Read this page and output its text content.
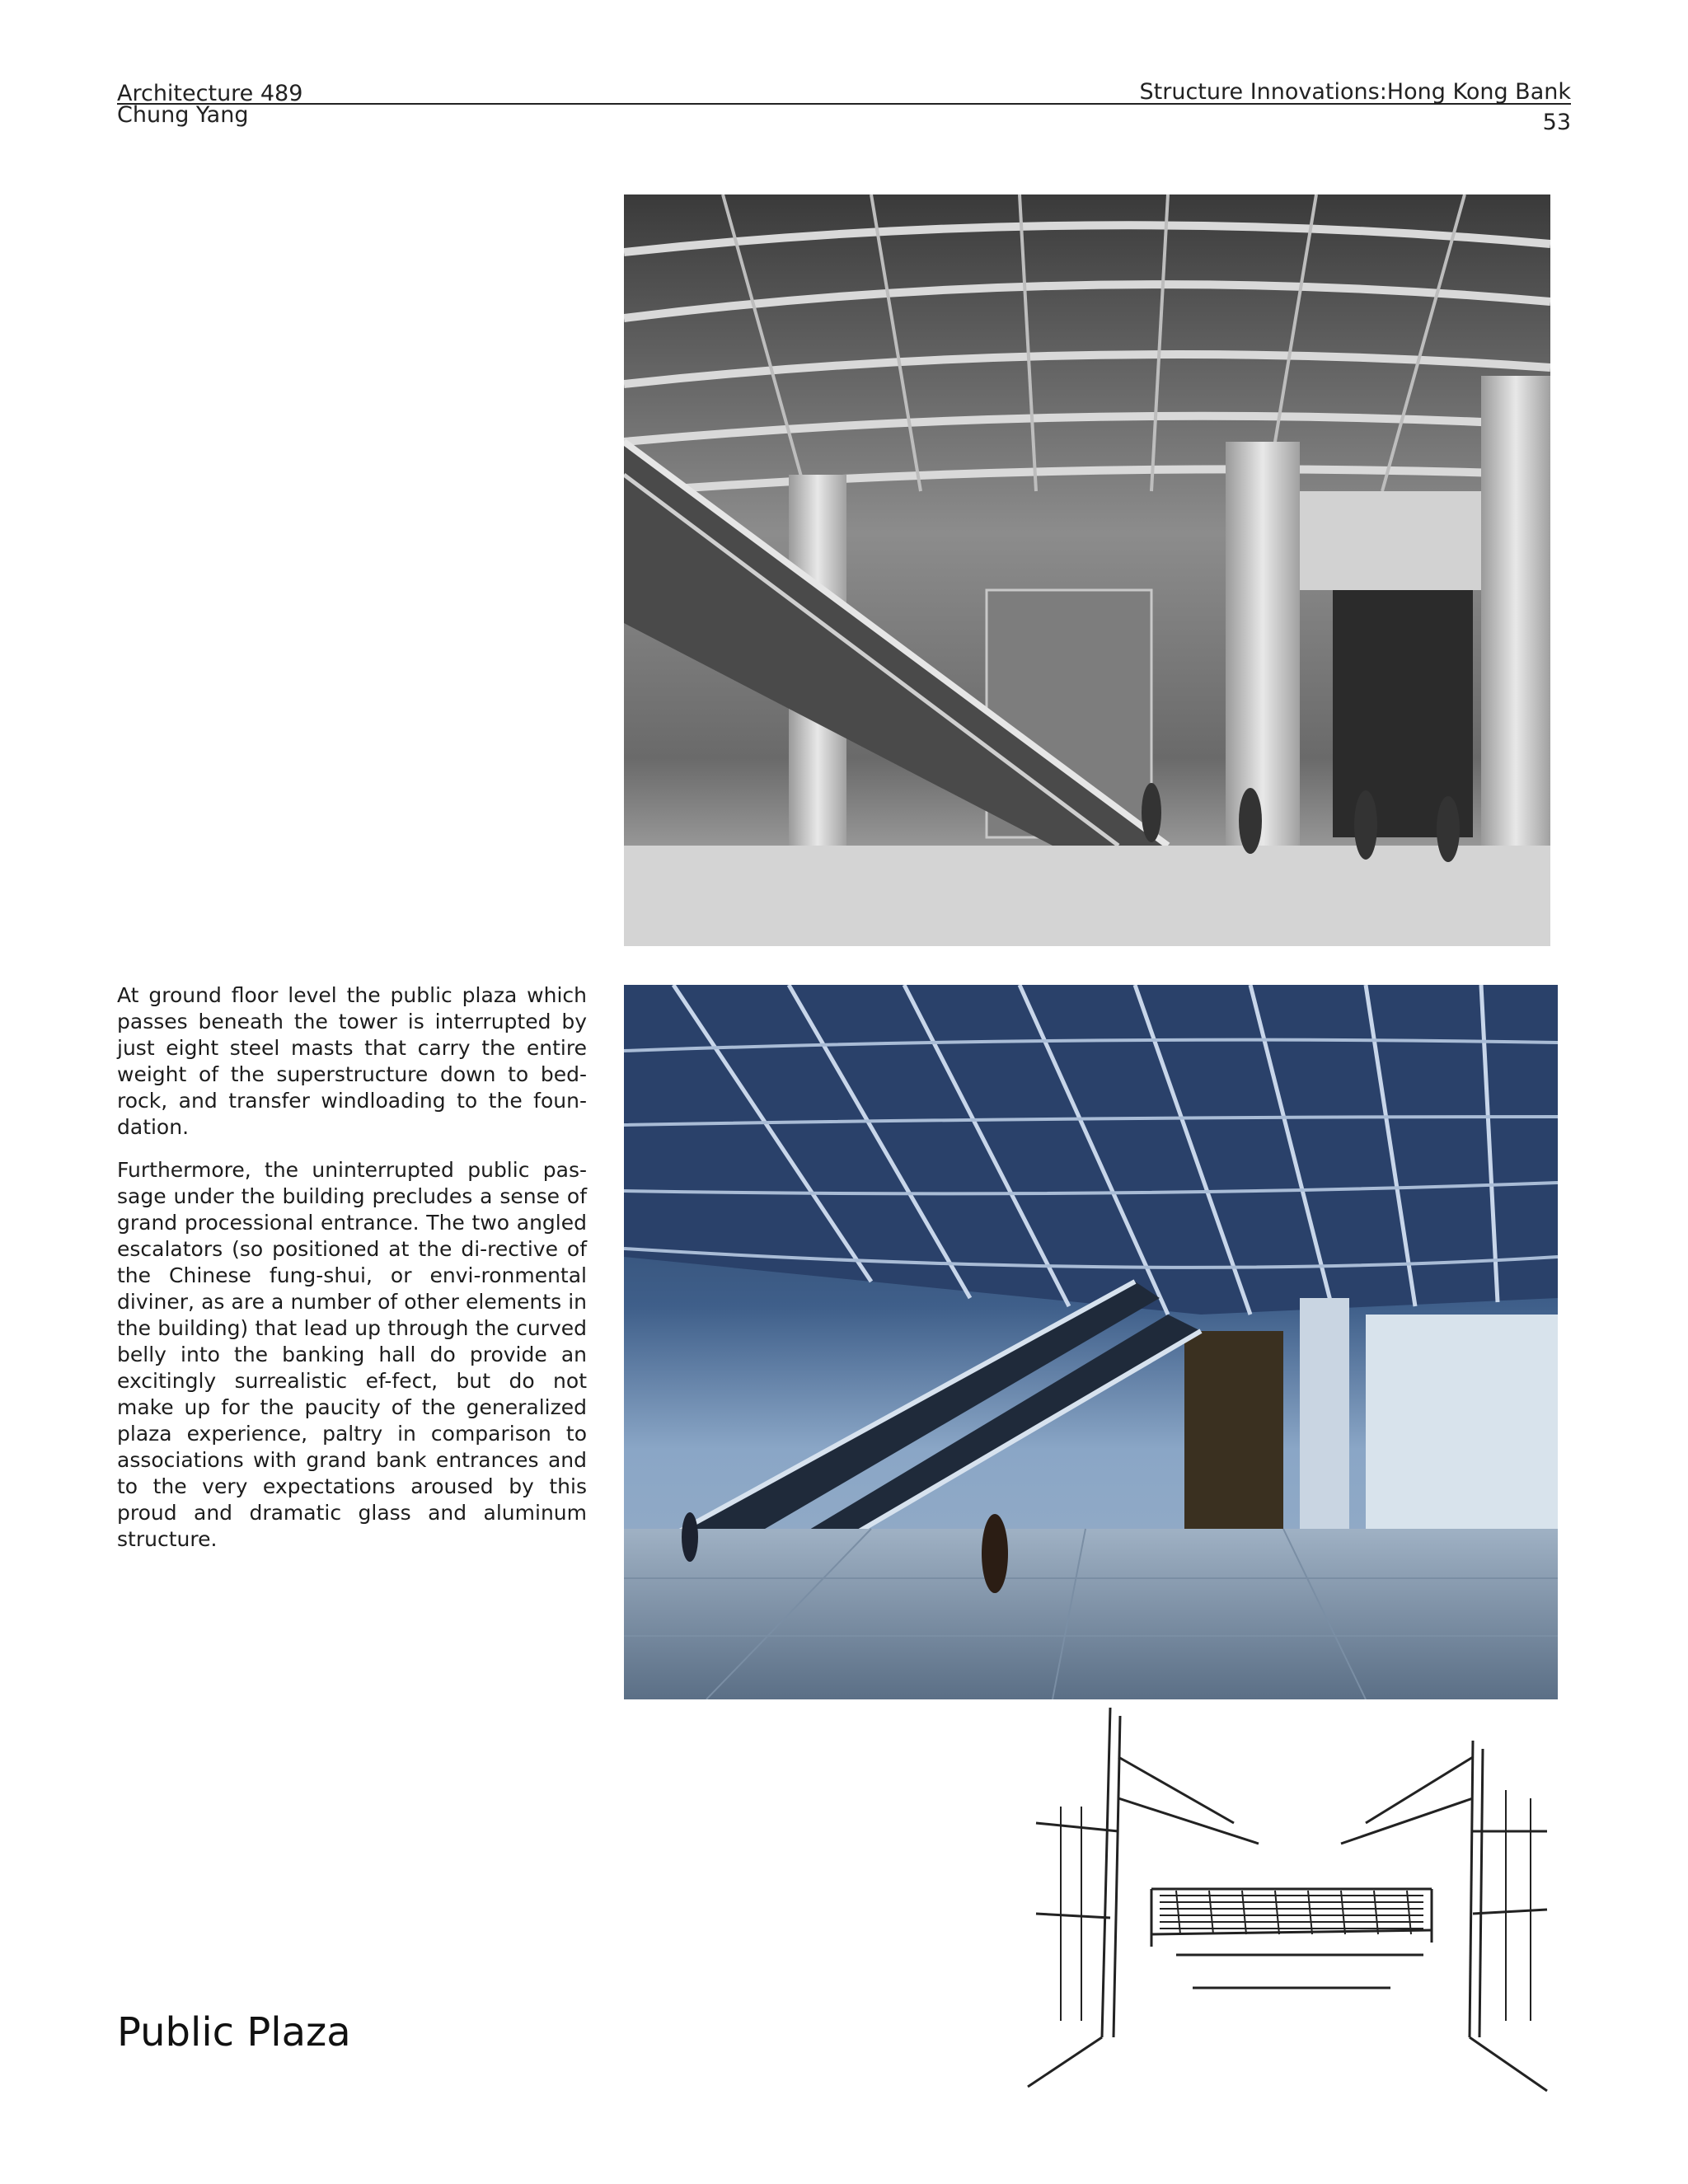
Architecture 489
Chung Yang
Structure Innovations:Hong Kong Bank
53

At ground floor level the public plaza which passes beneath the tower is interrupted by just eight steel masts that carry the entire weight of the superstructure down to bed-rock, and transfer windloading to the foun-dation.

Furthermore, the uninterrupted public pas-sage under the building precludes a sense of grand processional entrance. The two angled escalators (so positioned at the di-rective of the Chinese fung-shui, or envi-ronmental diviner, as are a number of other elements in the building) that lead up through the curved belly into the banking hall do provide an excitingly surrealistic ef-fect, but do not make up for the paucity of the generalized plaza experience, paltry in comparison to associations with grand bank entrances and to the very expectations aroused by this proud and dramatic glass and aluminum structure.

Public Plaza
